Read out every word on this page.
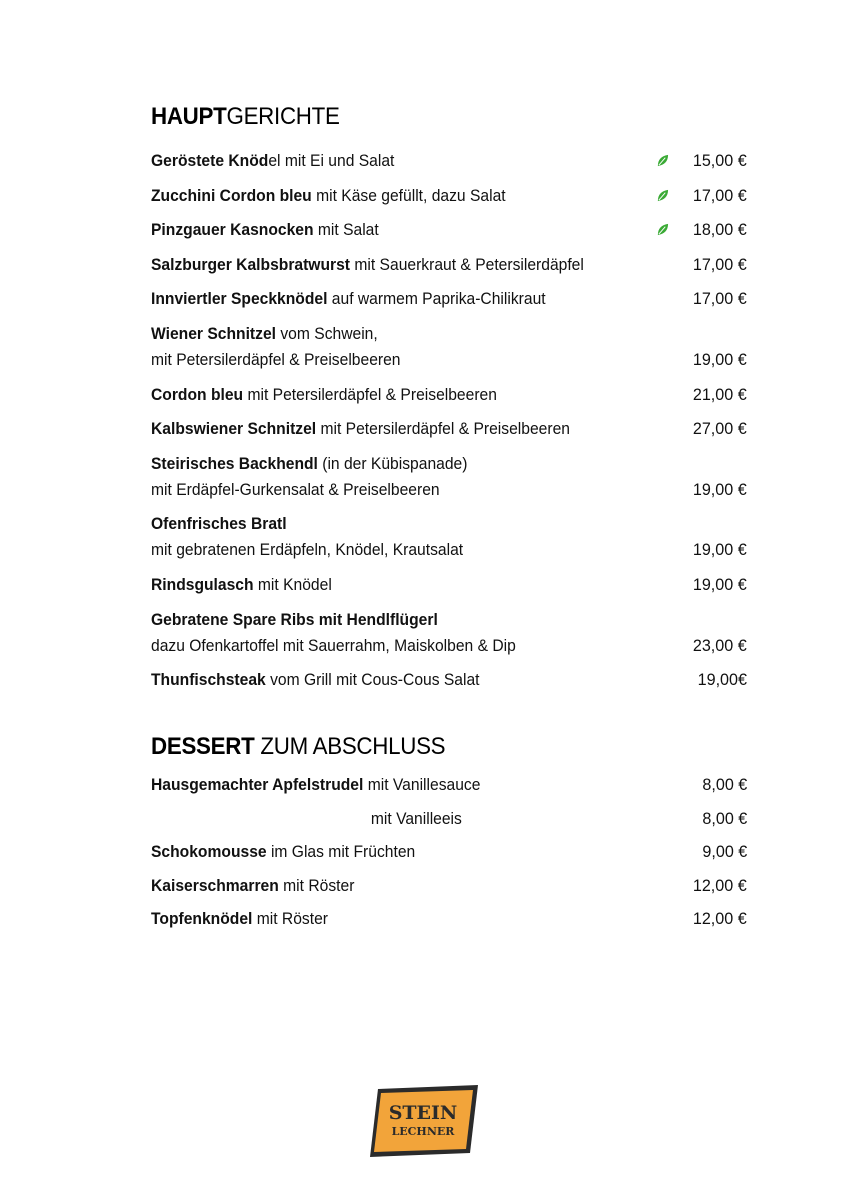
HAUPTGERICHTE
Geröstete Knödel mit Ei und Salat	15,00 €
Zucchini Cordon bleu mit Käse gefüllt, dazu Salat	17,00 €
Pinzgauer Kasnocken mit Salat	18,00 €
Salzburger Kalbsbratwurst mit Sauerkraut & Petersilerdäpfel	17,00 €
Innviertler Speckknödel auf warmem Paprika-Chilikraut	17,00 €
Wiener Schnitzel vom Schwein,
mit Petersilerdäpfel & Preiselbeeren	19,00 €
Cordon bleu mit Petersilerdäpfel & Preiselbeeren	21,00 €
Kalbswiener Schnitzel mit Petersilerdäpfel & Preiselbeeren	27,00 €
Steirisches Backhendl (in der Kübispanade)
mit Erdäpfel-Gurkensalat & Preiselbeeren	19,00 €
Ofenfrisches Bratl
mit gebratenen Erdäpfeln, Knödel, Krautsalat	19,00 €
Rindsgulasch mit Knödel	19,00 €
Gebratene Spare Ribs mit Hendlflügerl
dazu Ofenkartoffel mit Sauerrahm, Maiskolben & Dip	23,00 €
Thunfischsteak vom Grill mit Cous-Cous Salat	19,00€
DESSERT ZUM ABSCHLUSS
Hausgemachter Apfelstrudel mit Vanillesauce	8,00 €
mit Vanilleeis	8,00 €
Schokomousse im Glas mit Früchten	9,00 €
Kaiserschmarren mit Röster	12,00 €
Topfenknödel mit Röster	12,00 €
STEIN
LECHNER
